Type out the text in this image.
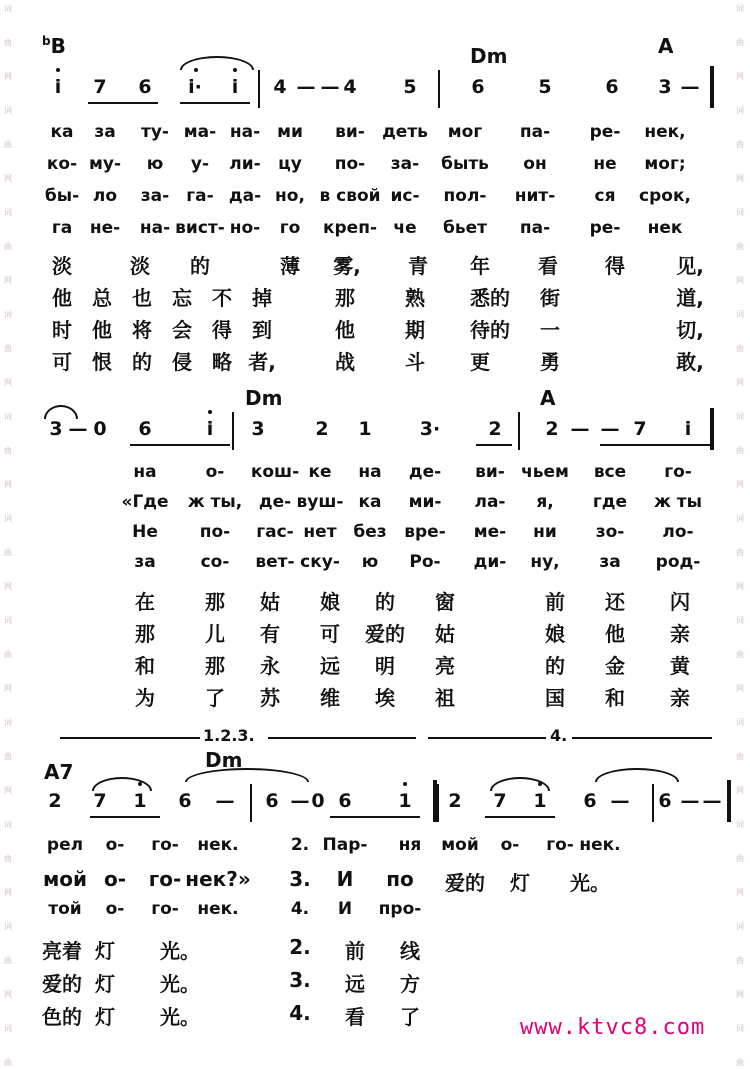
词
曲
网
词
曲
网
词
曲
网
词
曲
网
词
曲
网
词
曲
网
词
曲
网
词
曲
网
词
曲
网
词
曲
网
词
曲
词
曲
网
词
曲
网
词
曲
网
词
曲
网
词
曲
网
词
曲
网
词
曲
网
词
曲
网
词
曲
网
词
曲
网
词
曲
$^b$B	Dm	A
i 7 6 i· i 4 — — 4 5	6	5	6 3 —
ка за ту- ма- на- ми ви- деть мог па- ре- нек,
ко- му- ю у- ли- цу по- за- быть он	не мог;
бы- ло за- га- да- но, в свой ис- пол- нит- ся срок,
га не- на- вист- но- го креп- че бьет па- ре- нек
淡	淡 的	薄 雾, 青 年 看 得	见,
他 总 也 忘 不 掉	那	熟 悉的 街	道,
时 他 将 会 得 到	他	期 待的 一	切,
可 恨 的 侵 略 者,	战	斗 更	勇	敢,
Dm	A
3 — 0 6	i 3	2 1	3·	2 2 — — 7 i
на	о- кош- ке на де- ви- чьем все го-
«Где ж ты, де- вуш- ка ми- ла- я, где ж ты
Не по- гас- нет без вре- ме- ни зо- ло-
за	со- вет- ску- ю Ро- ди- ну, за род-
在	那 姑 娘 的 窗	前 还 闪
那	儿 有 可 爱的 姑	娘 他 亲
和	那 永 远 明 亮	的 金 黄
为	了 苏 维 埃 祖	国 和 亲
1.2.3.	4.
A7	Dm
2 7 1 6 — 6 — 0 6 1 2 7 1 6 — 6 — —
рел о- го- нек.	2. Пар- ня мой о- го- нек.
мой о- го- нек?» 3. И по 爱的 灯 光。
той о- го- нек.	4. И про-
亮着 灯 光。	2. 前 线
爱的 灯 光。	3. 远 方
色的 灯 光。	4. 看 了	www.ktvc8.com
